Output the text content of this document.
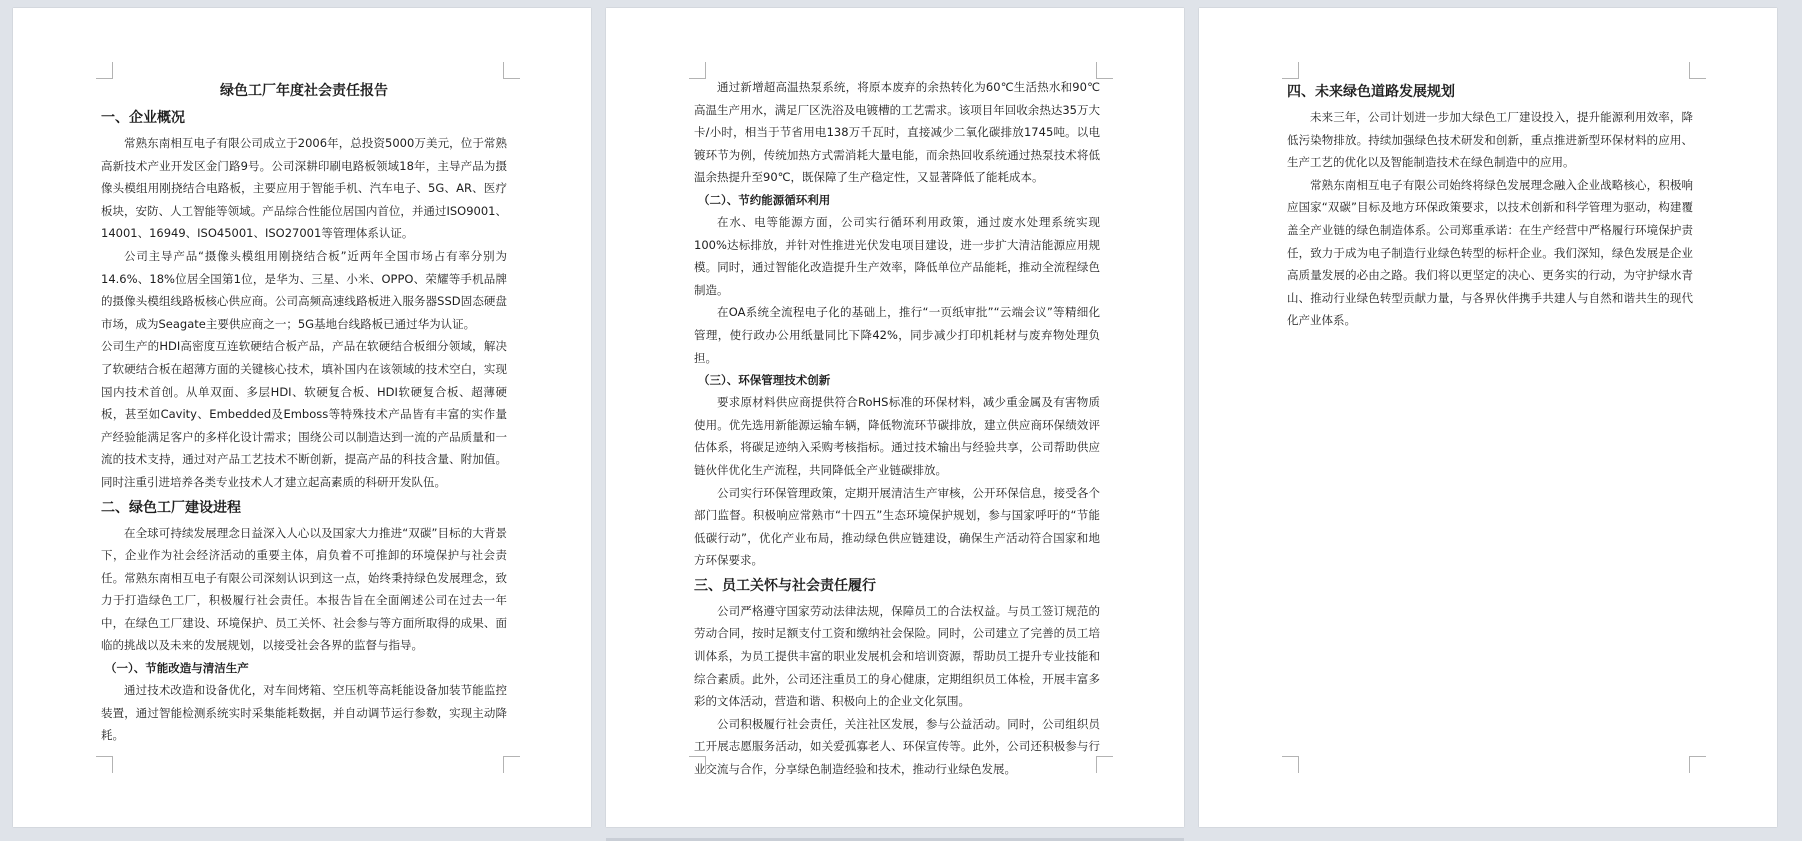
绿色工厂年度社会责任报告
一、企业概况

常熟东南相互电子有限公司成立于2006年，总投资5000万美元，位于常熟高新技术产业开发区金门路9号。公司深耕印刷电路板领域18年，主导产品为摄像头模组用刚挠结合电路板，主要应用于智能手机、汽车电子、5G、AR、医疗板块，安防、人工智能等领域。产品综合性能位居国内首位，并通过ISO9001、14001、16949、ISO45001、ISO27001等管理体系认证。

公司主导产品“摄像头模组用刚挠结合板”近两年全国市场占有率分别为14.6%、18%位居全国第1位，是华为、三星、小米、OPPO、荣耀等手机品牌的摄像头模组线路板核心供应商。公司高频高速线路板进入服务器SSD固态硬盘市场，成为Seagate主要供应商之一；5G基地台线路板已通过华为认证。

公司生产的HDI高密度互连软硬结合板产品，产品在软硬结合板细分领域，解决了软硬结合板在超薄方面的关键核心技术，填补国内在该领域的技术空白，实现国内技术首创。从单双面、多层HDI、软硬复合板、HDI软硬复合板、超薄硬板，甚至如Cavity、Embedded及Emboss等特殊技术产品皆有丰富的实作量产经验能满足客户的多样化设计需求；围绕公司以制造达到一流的产品质量和一流的技术支持，通过对产品工艺技术不断创新，提高产品的科技含量、附加值。同时注重引进培养各类专业技术人才建立起高素质的科研开发队伍。

二、绿色工厂建设进程

在全球可持续发展理念日益深入人心以及国家大力推进“双碳”目标的大背景下，企业作为社会经济活动的重要主体，肩负着不可推卸的环境保护与社会责任。常熟东南相互电子有限公司深刻认识到这一点，始终秉持绿色发展理念，致力于打造绿色工厂，积极履行社会责任。本报告旨在全面阐述公司在过去一年中，在绿色工厂建设、环境保护、员工关怀、社会参与等方面所取得的成果、面临的挑战以及未来的发展规划，以接受社会各界的监督与指导。

（一）、节能改造与清洁生产

通过技术改造和设备优化，对车间烤箱、空压机等高耗能设备加装节能监控装置，通过智能检测系统实时采集能耗数据，并自动调节运行参数，实现主动降耗。

通过新增超高温热泵系统，将原本废弃的余热转化为60℃生活热水和90℃高温生产用水，满足厂区洗浴及电镀槽的工艺需求。该项目年回收余热达35万大卡/小时，相当于节省用电138万千瓦时，直接减少二氧化碳排放1745吨。以电镀环节为例，传统加热方式需消耗大量电能，而余热回收系统通过热泵技术将低温余热提升至90℃，既保障了生产稳定性，又显著降低了能耗成本。

（二）、节约能源循环利用

在水、电等能源方面，公司实行循环利用政策，通过废水处理系统实现100%达标排放，并针对性推进光伏发电项目建设，进一步扩大清洁能源应用规模。同时，通过智能化改造提升生产效率，降低单位产品能耗，推动全流程绿色制造。

在OA系统全流程电子化的基础上，推行“一页纸审批”“云端会议”等精细化管理，使行政办公用纸量同比下降42%，同步减少打印机耗材与废弃物处理负担。

（三）、环保管理技术创新

要求原材料供应商提供符合RoHS标准的环保材料，减少重金属及有害物质使用。优先选用新能源运输车辆，降低物流环节碳排放，建立供应商环保绩效评估体系，将碳足迹纳入采购考核指标。通过技术输出与经验共享，公司帮助供应链伙伴优化生产流程，共同降低全产业链碳排放。

公司实行环保管理政策，定期开展清洁生产审核，公开环保信息，接受各个部门监督。积极响应常熟市“十四五”生态环境保护规划，参与国家呼吁的“节能低碳行动”，优化产业布局，推动绿色供应链建设，确保生产活动符合国家和地方环保要求。

三、员工关怀与社会责任履行

公司严格遵守国家劳动法律法规，保障员工的合法权益。与员工签订规范的劳动合同，按时足额支付工资和缴纳社会保险。同时，公司建立了完善的员工培训体系，为员工提供丰富的职业发展机会和培训资源，帮助员工提升专业技能和综合素质。此外，公司还注重员工的身心健康，定期组织员工体检，开展丰富多彩的文体活动，营造和谐、积极向上的企业文化氛围。

公司积极履行社会责任，关注社区发展，参与公益活动。同时，公司组织员工开展志愿服务活动，如关爱孤寡老人、环保宣传等。此外，公司还积极参与行业交流与合作，分享绿色制造经验和技术，推动行业绿色发展。

四、未来绿色道路发展规划

未来三年，公司计划进一步加大绿色工厂建设投入，提升能源利用效率，降低污染物排放。持续加强绿色技术研发和创新，重点推进新型环保材料的应用、生产工艺的优化以及智能制造技术在绿色制造中的应用。

常熟东南相互电子有限公司始终将绿色发展理念融入企业战略核心，积极响应国家“双碳”目标及地方环保政策要求，以技术创新和科学管理为驱动，构建覆盖全产业链的绿色制造体系。公司郑重承诺：在生产经营中严格履行环境保护责任，致力于成为电子制造行业绿色转型的标杆企业。我们深知，绿色发展是企业高质量发展的必由之路。我们将以更坚定的决心、更务实的行动，为守护绿水青山、推动行业绿色转型贡献力量，与各界伙伴携手共建人与自然和谐共生的现代化产业体系。
